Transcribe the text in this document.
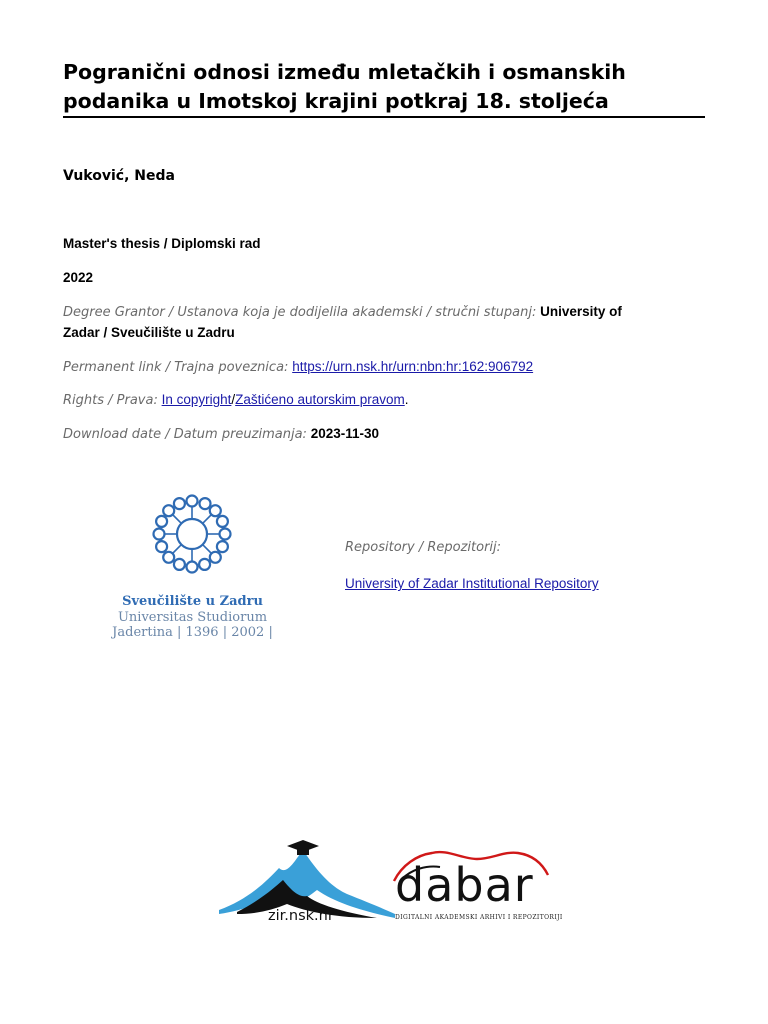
Pogranični odnosi između mletačkih i osmanskih
podanika u Imotskoj krajini potkraj 18. stoljeća
Vuković, Neda
Master's thesis / Diplomski rad
2022
Degree Grantor / Ustanova koja je dodijelila akademski / stručni stupanj: University of
Zadar / Sveučilište u Zadru
Permanent link / Trajna poveznica: https://urn.nsk.hr/urn:nbn:hr:162:906792
Rights / Prava: In copyright/Zaštićeno autorskim pravom.
Download date / Datum preuzimanja: 2023-11-30
Sveučilište u Zadru
Universitas Studiorum
Jadertina | 1396 | 2002 |
Repository / Repozitorij:
University of Zadar Institutional Repository
zir.nsk.hr
dabar
DIGITALNI AKADEMSKI ARHIVI I REPOZITORIJI
